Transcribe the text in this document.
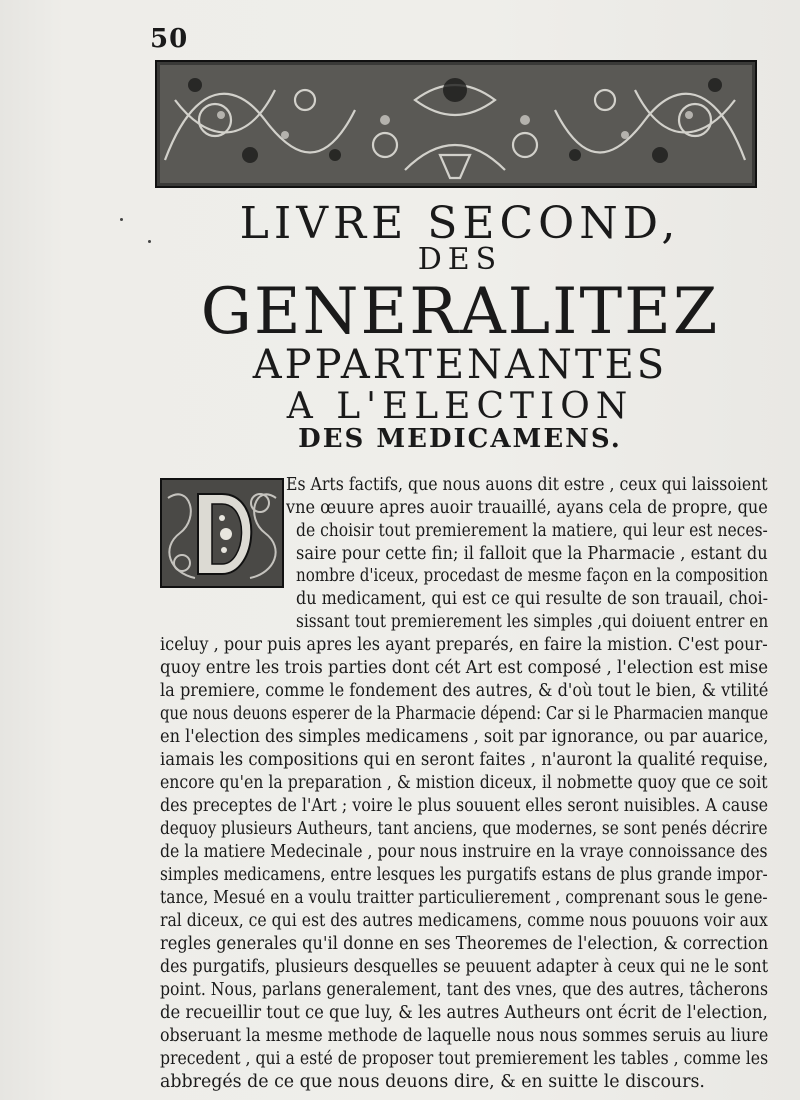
50
LIVRE SECOND,
DES
GENERALITEZ
APPARTENANTES
A L'ELECTION
DES MEDICAMENS.
Es Arts factifs, que nous auons dit estre , ceux qui laissoient
vne œuure apres auoir trauaillé, ayans cela de propre, que
de choisir tout premierement la matiere, qui leur est neces-
saire pour cette fin; il falloit que la Pharmacie , estant du
nombre d'iceux, procedast de mesme façon en la composition
du medicament, qui est ce qui resulte de son trauail, choi-
sissant tout premierement les simples ,qui doiuent entrer en
iceluy , pour puis apres les ayant preparés, en faire la mistion. C'est pour-
quoy entre les trois parties dont cét Art est composé , l'election est mise
la premiere, comme le fondement des autres, & d'où tout le bien, & vtilité
que nous deuons esperer de la Pharmacie dépend: Car si le Pharmacien manque
en l'election des simples medicamens , soit par ignorance, ou par auarice,
iamais les compositions qui en seront faites , n'auront la qualité requise,
encore qu'en la preparation , & mistion diceux, il nobmette quoy que ce soit
des preceptes de l'Art ; voire le plus souuent elles seront nuisibles. A cause
dequoy plusieurs Autheurs, tant anciens, que modernes, se sont penés décrire
de la matiere Medecinale , pour nous instruire en la vraye connoissance des
simples medicamens, entre lesques les purgatifs estans de plus grande impor-
tance, Mesué en a voulu traitter particulierement , comprenant sous le gene-
ral diceux, ce qui est des autres medicamens, comme nous pouuons voir aux
regles generales qu'il donne en ses Theoremes de l'election, & correction
des purgatifs, plusieurs desquelles se peuuent adapter à ceux qui ne le sont
point. Nous, parlans generalement, tant des vnes, que des autres, tâcherons
de recueillir tout ce que luy, & les autres Autheurs ont écrit de l'election,
obseruant la mesme methode de laquelle nous nous sommes seruis au liure
precedent , qui a esté de proposer tout premierement les tables , comme les
abbregés de ce que nous deuons dire, & en suitte le discours.
